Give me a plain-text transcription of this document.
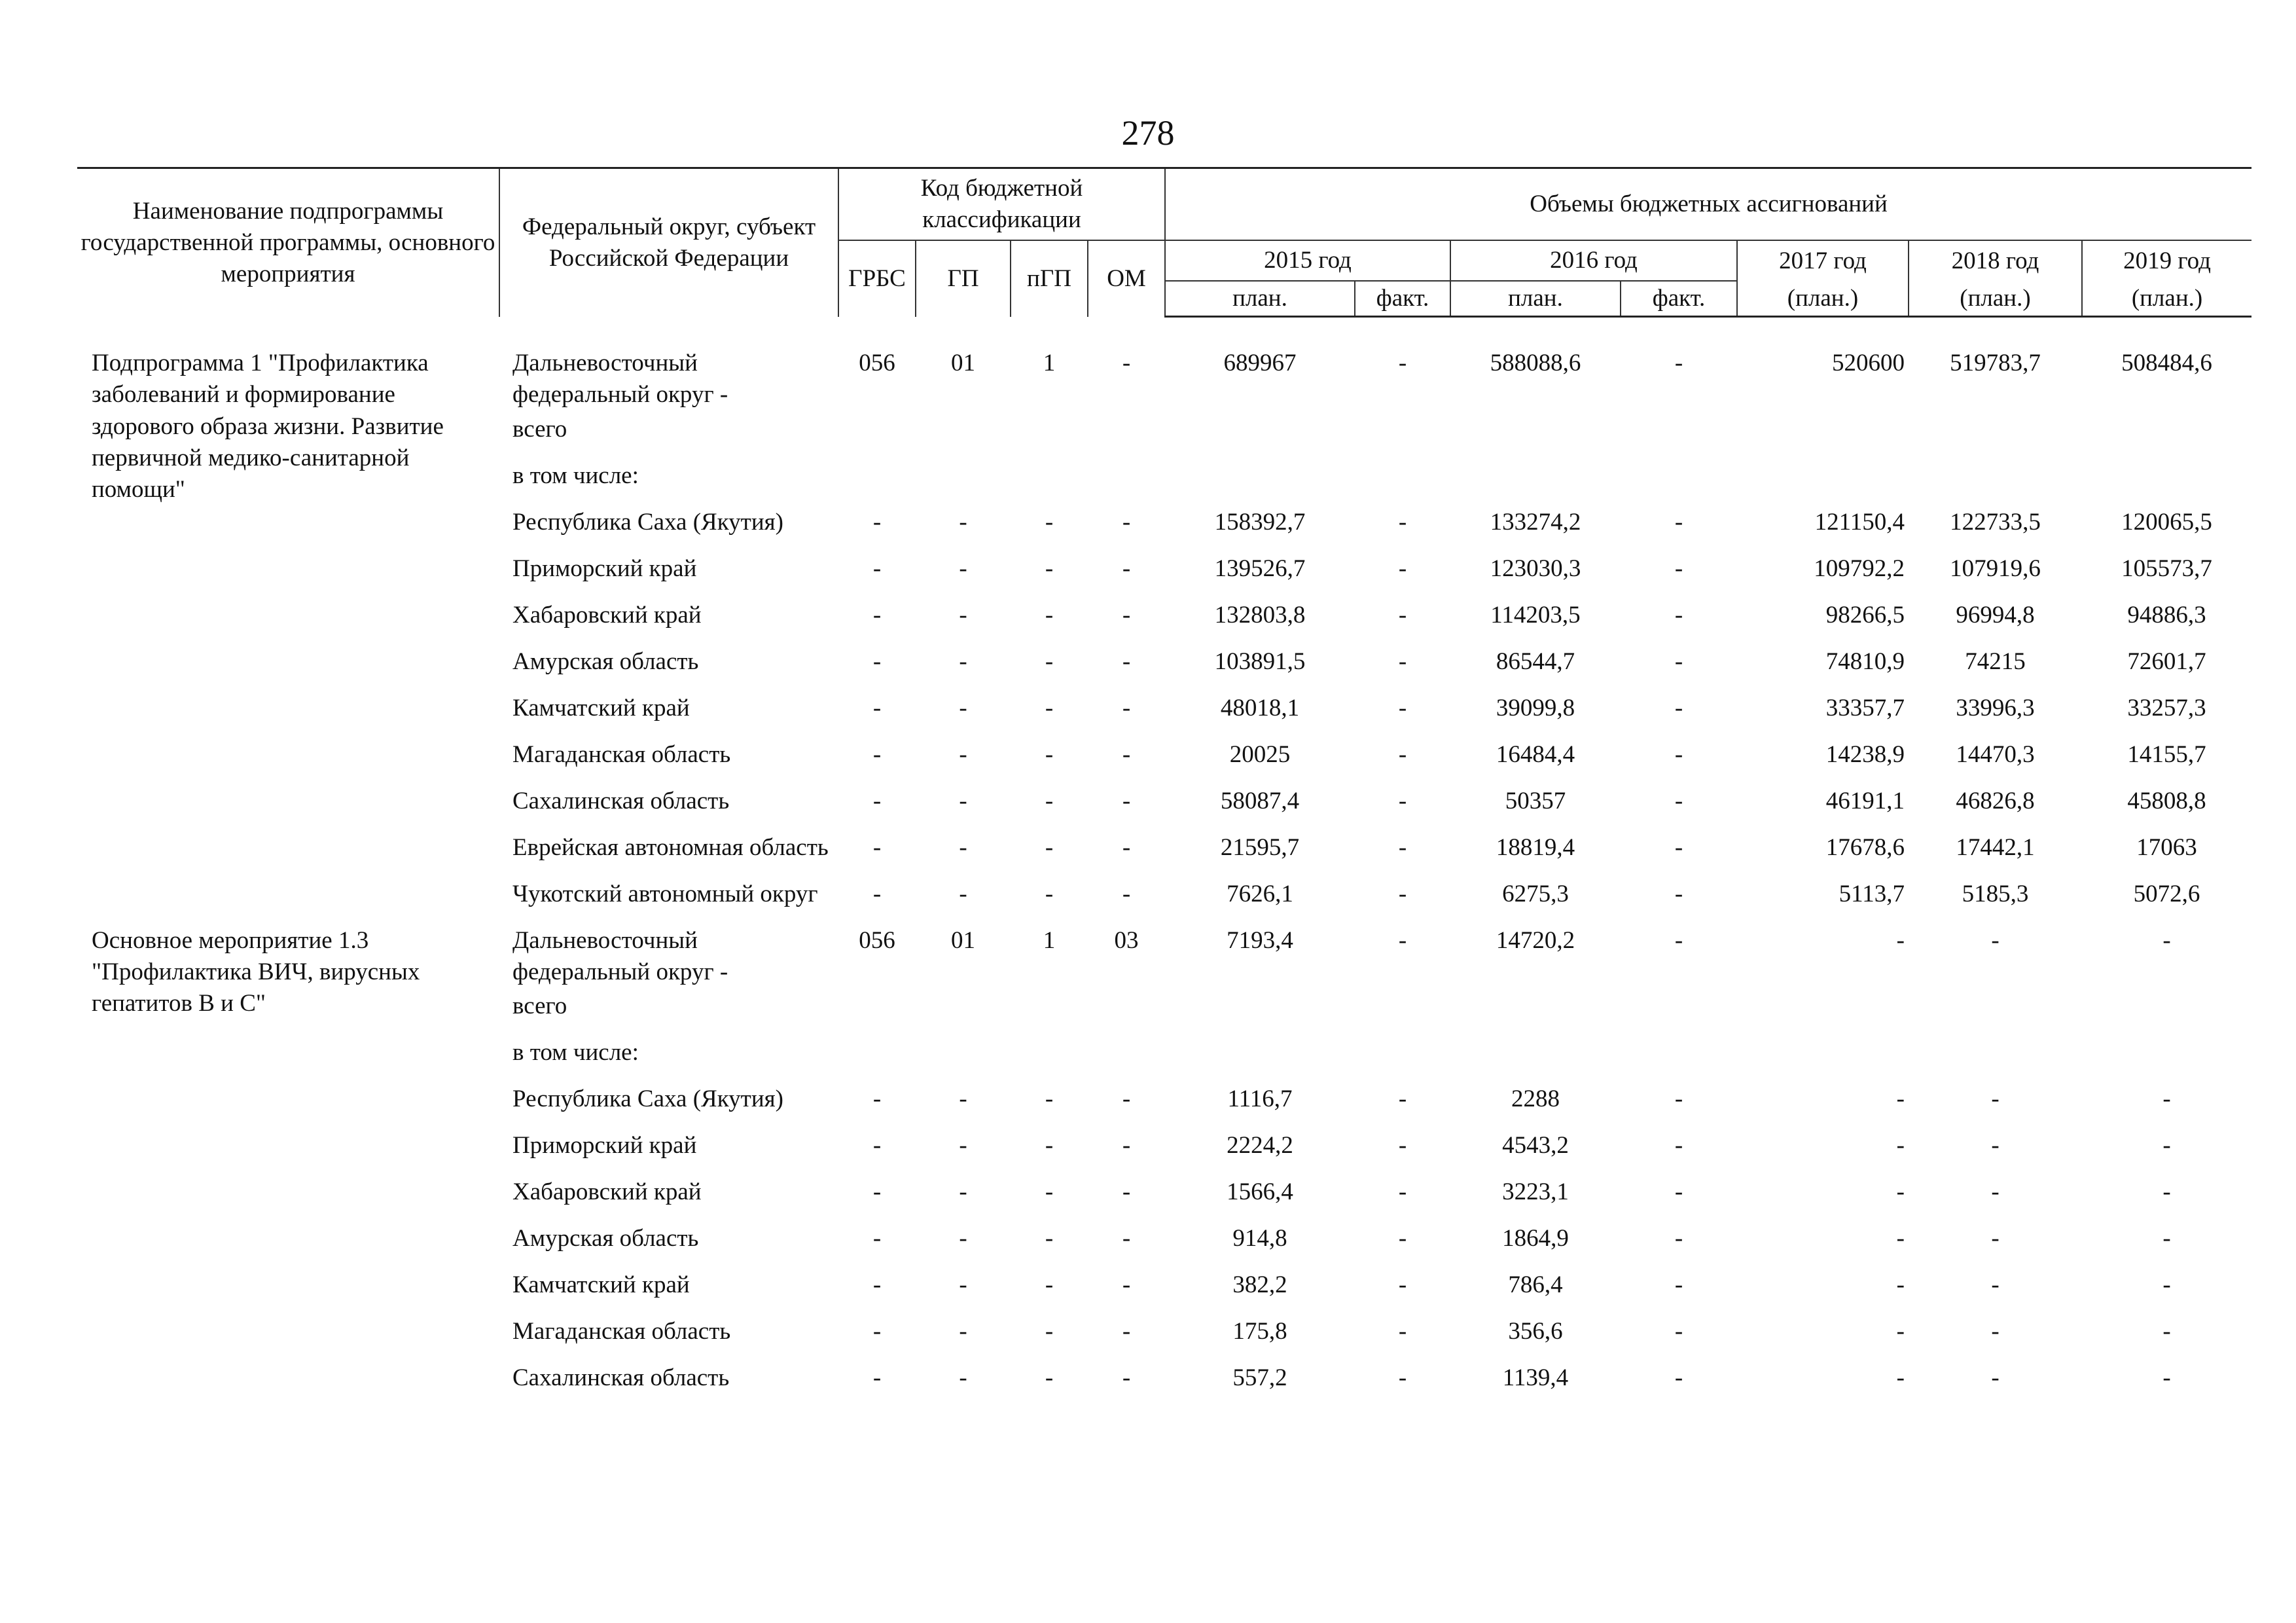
278
Наименование подпрограммы государственной программы, основного мероприятия	Федеральный округ, субъект Российской Федерации	Код бюджетной классификации				Объемы бюджетных ассигнований						
		ГРБС	ГП	пГП	ОМ	2015 год		2016 год		2017 год	2018 год	2019 год
						план.	факт.	план.	факт.	(план.)	(план.)	(план.)

Подпрограмма 1 "Профилактика заболеваний и формирование здорового образа жизни. Развитие первичной медико-санитарной помощи"	Дальневосточный федеральный округ -	056	01	1	-	689967	-	588088,6	-	520600	519783,7	508484,6
	всего											
	в том числе:											
	Республика Саха (Якутия)	-	-	-	-	158392,7	-	133274,2	-	121150,4	122733,5	120065,5
	Приморский край	-	-	-	-	139526,7	-	123030,3	-	109792,2	107919,6	105573,7
	Хабаровский край	-	-	-	-	132803,8	-	114203,5	-	98266,5	96994,8	94886,3
	Амурская область	-	-	-	-	103891,5	-	86544,7	-	74810,9	74215	72601,7
	Камчатский край	-	-	-	-	48018,1	-	39099,8	-	33357,7	33996,3	33257,3
	Магаданская область	-	-	-	-	20025	-	16484,4	-	14238,9	14470,3	14155,7
	Сахалинская область	-	-	-	-	58087,4	-	50357	-	46191,1	46826,8	45808,8
	Еврейская автономная область	-	-	-	-	21595,7	-	18819,4	-	17678,6	17442,1	17063
	Чукотский автономный округ	-	-	-	-	7626,1	-	6275,3	-	5113,7	5185,3	5072,6
Основное мероприятие 1.3 "Профилактика ВИЧ, вирусных гепатитов В и С"	Дальневосточный федеральный округ -	056	01	1	03	7193,4	-	14720,2	-	-	-	-
	всего											
	в том числе:											
	Республика Саха (Якутия)	-	-	-	-	1116,7	-	2288	-	-	-	-
	Приморский край	-	-	-	-	2224,2	-	4543,2	-	-	-	-
	Хабаровский край	-	-	-	-	1566,4	-	3223,1	-	-	-	-
	Амурская область	-	-	-	-	914,8	-	1864,9	-	-	-	-
	Камчатский край	-	-	-	-	382,2	-	786,4	-	-	-	-
	Магаданская область	-	-	-	-	175,8	-	356,6	-	-	-	-
	Сахалинская область	-	-	-	-	557,2	-	1139,4	-	-	-	-
